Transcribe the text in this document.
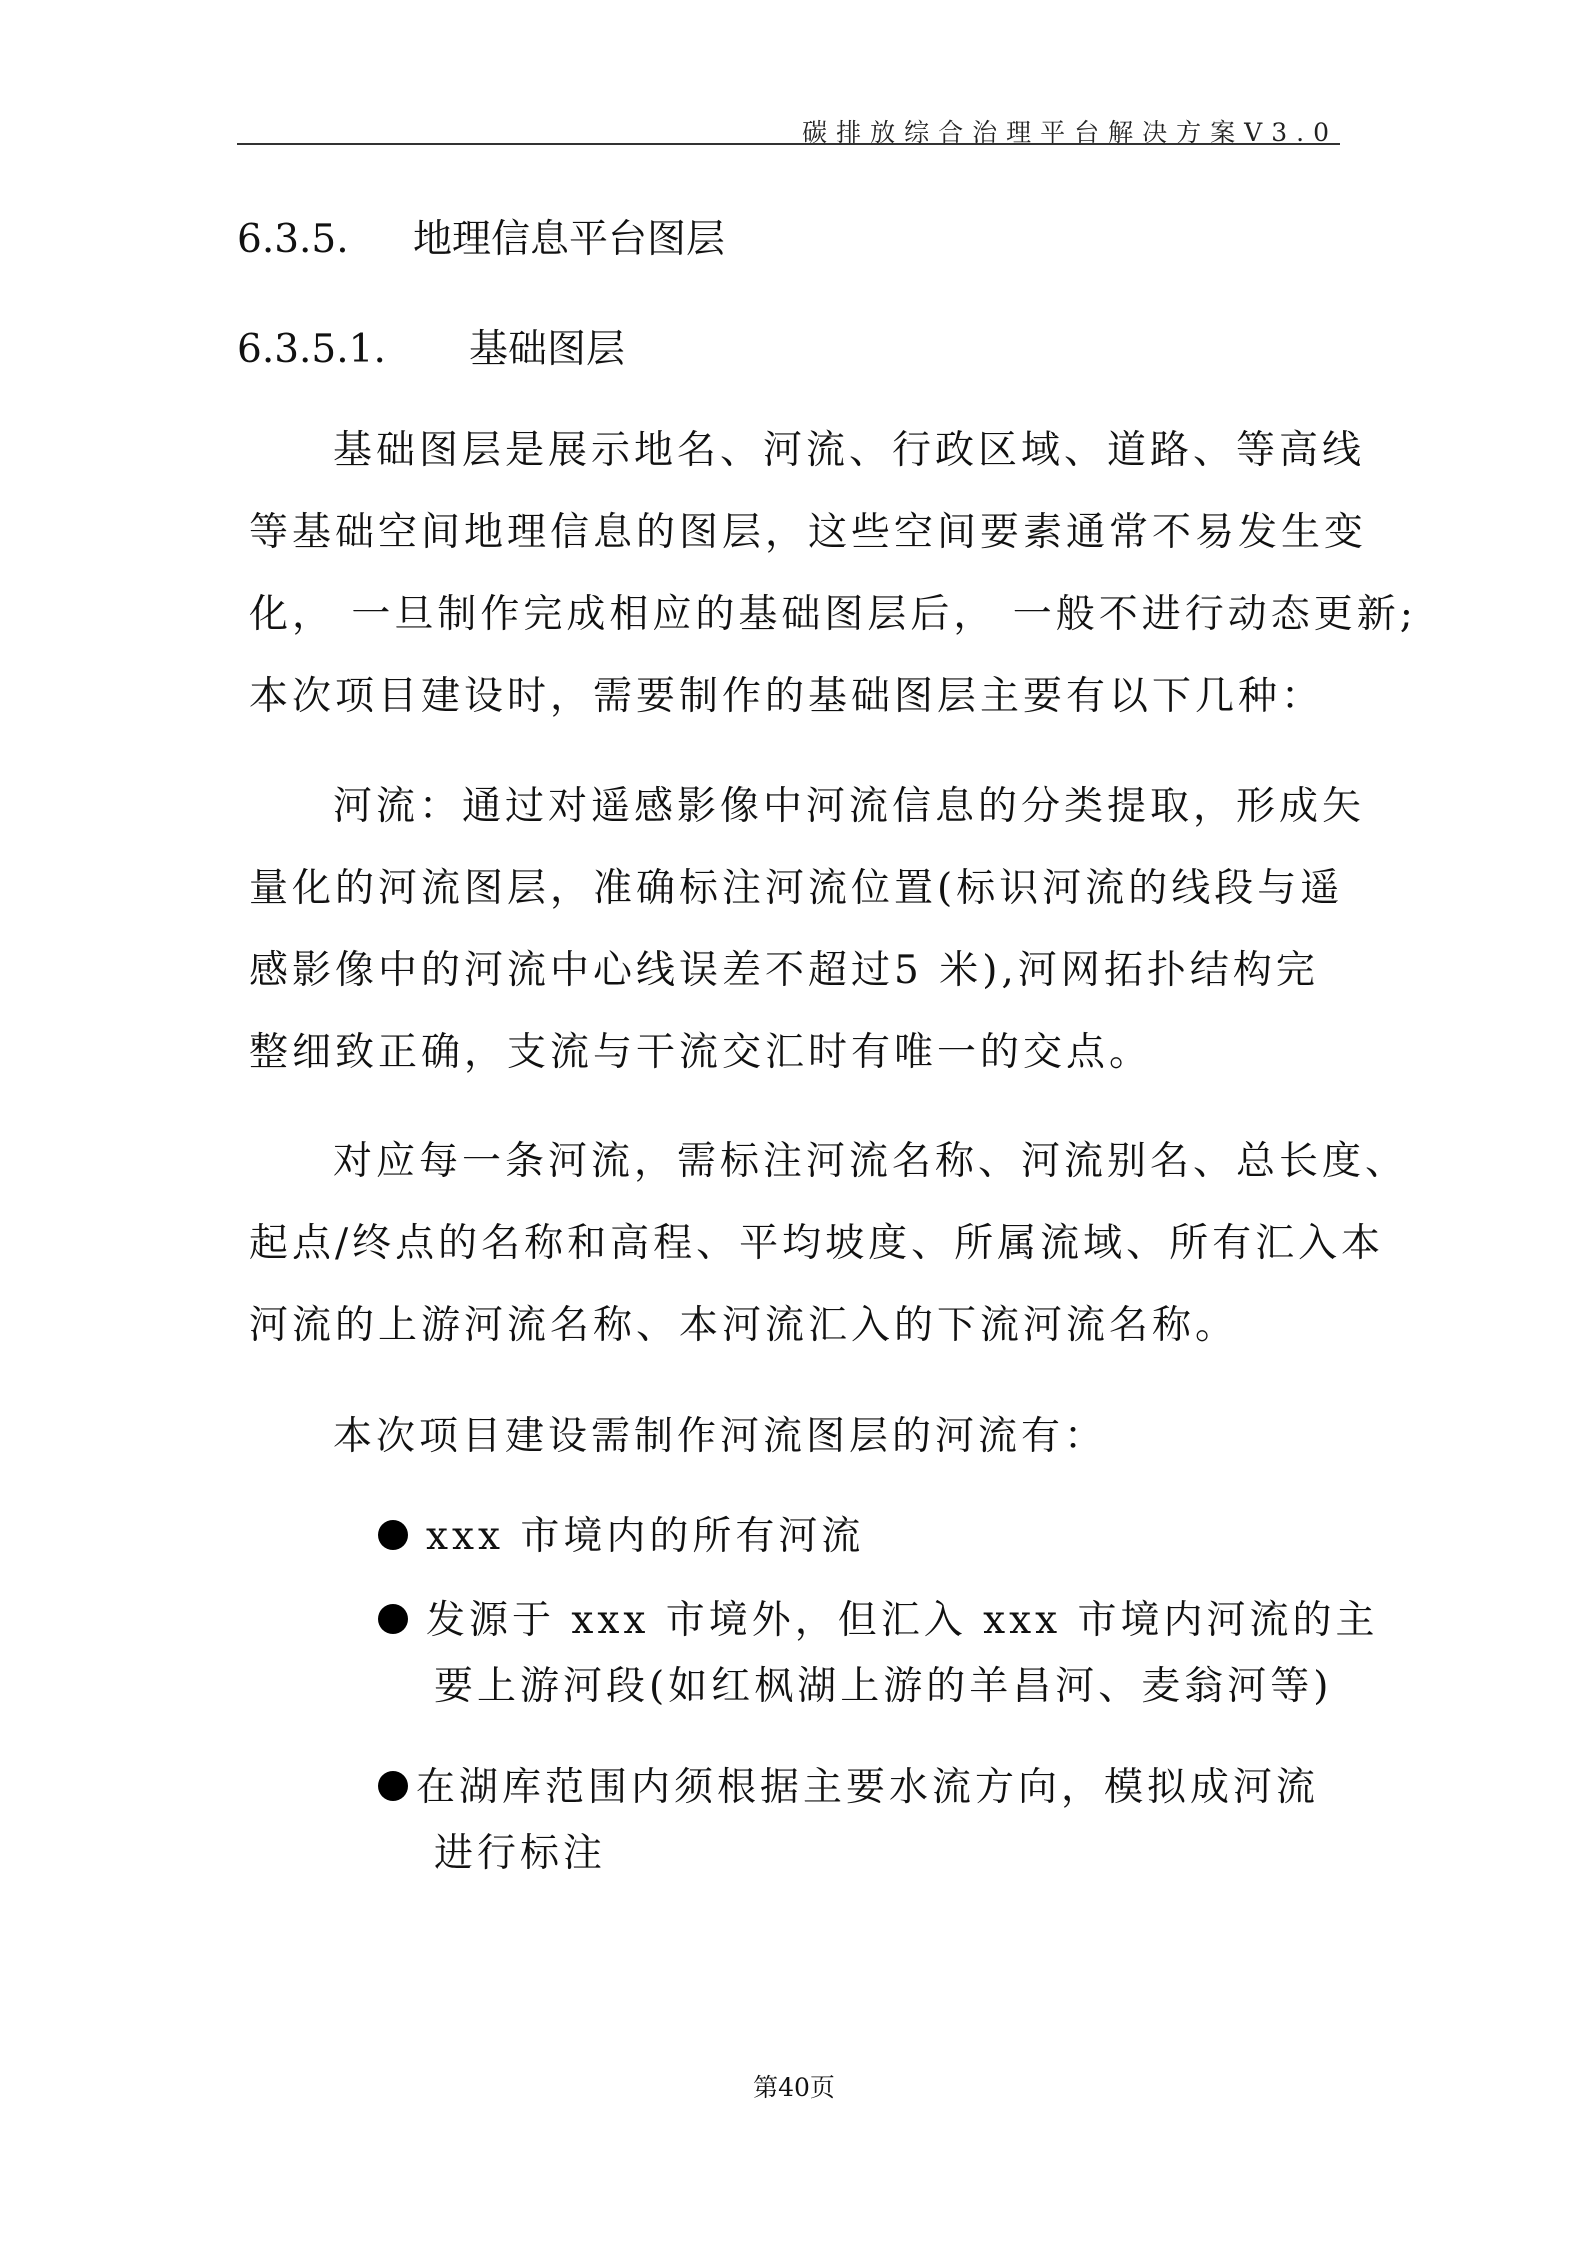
碳排放综合治理平台解决方案V3.0
6.3.5. 地理信息平台图层
6.3.5.1. 基础图层

基础图层是展示地名、河流、行政区域、道路、等高线
等基础空间地理信息的图层，这些空间要素通常不易发生变
化， 一旦制作完成相应的基础图层后， 一般不进行动态更新;
本次项目建设时，需要制作的基础图层主要有以下几种：

河流：通过对遥感影像中河流信息的分类提取，形成矢
量化的河流图层，准确标注河流位置(标识河流的线段与遥
感影像中的河流中心线误差不超过5 米),河网拓扑结构完
整细致正确，支流与干流交汇时有唯一的交点。

对应每一条河流，需标注河流名称、河流别名、总长度、
起点/终点的名称和高程、平均坡度、所属流域、所有汇入本
河流的上游河流名称、本河流汇入的下流河流名称。

本次项目建设需制作河流图层的河流有：

xxx 市境内的所有河流
发源于 xxx 市境外，但汇入 xxx 市境内河流的主
要上游河段(如红枫湖上游的羊昌河、麦翁河等)
在湖库范围内须根据主要水流方向，模拟成河流
进行标注
第40页
